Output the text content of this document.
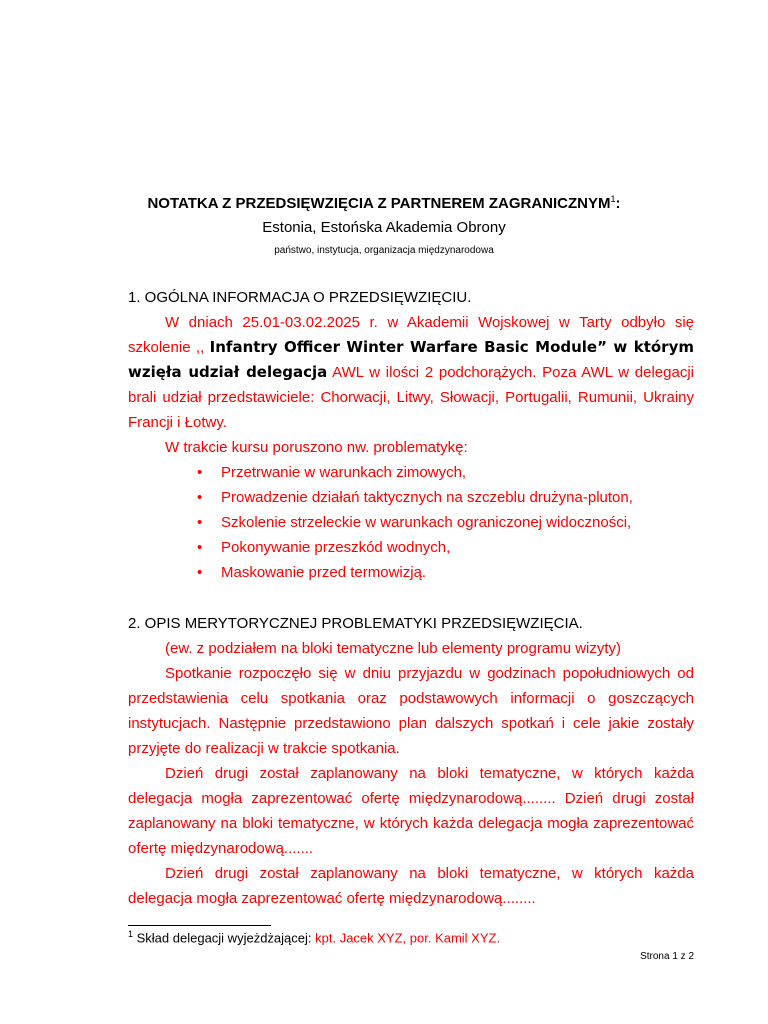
NOTATKA Z PRZEDSIĘWZIĘCIA Z PARTNEREM ZAGRANICZNYM$^1$:
Estonia, Estońska Akademia Obrony
państwo, instytucja, organizacja międzynarodowa

1. OGÓLNA INFORMACJA O PRZEDSIĘWZIĘCIU.

W dniach 25.01-03.02.2025 r. w Akademii Wojskowej w Tarty odbyło się szkolenie ,, Infantry Officer Winter Warfare Basic Module” w którym wzięła udział delegacja AWL w ilości 2 podchorążych. Poza AWL w delegacji brali udział przedstawiciele: Chorwacji, Litwy, Słowacji, Portugalii, Rumunii, Ukrainy Francji i Łotwy.

W trakcie kursu poruszono nw. problematykę:

• Przetrwanie w warunkach zimowych,
• Prowadzenie działań taktycznych na szczeblu drużyna-pluton,
• Szkolenie strzeleckie w warunkach ograniczonej widoczności,
• Pokonywanie przeszkód wodnych,
• Maskowanie przed termowizją.

2. OPIS MERYTORYCZNEJ PROBLEMATYKI PRZEDSIĘWZIĘCIA.

(ew. z podziałem na bloki tematyczne lub elementy programu wizyty)

Spotkanie rozpoczęło się w dniu przyjazdu w godzinach popołudniowych od przedstawienia celu spotkania oraz podstawowych informacji o goszczących instytucjach. Następnie przedstawiono plan dalszych spotkań i cele jakie zostały przyjęte do realizacji w trakcie spotkania.

Dzień drugi został zaplanowany na bloki tematyczne, w których każda delegacja mogła zaprezentować ofertę międzynarodową........ Dzień drugi został zaplanowany na bloki tematyczne, w których każda delegacja mogła zaprezentować ofertę międzynarodową.......

Dzień drugi został zaplanowany na bloki tematyczne, w których każda delegacja mogła zaprezentować ofertę międzynarodową........

$^1$ Skład delegacji wyjeżdżającej: kpt. Jacek XYZ, por. Kamil XYZ.
Strona 1 z 2
